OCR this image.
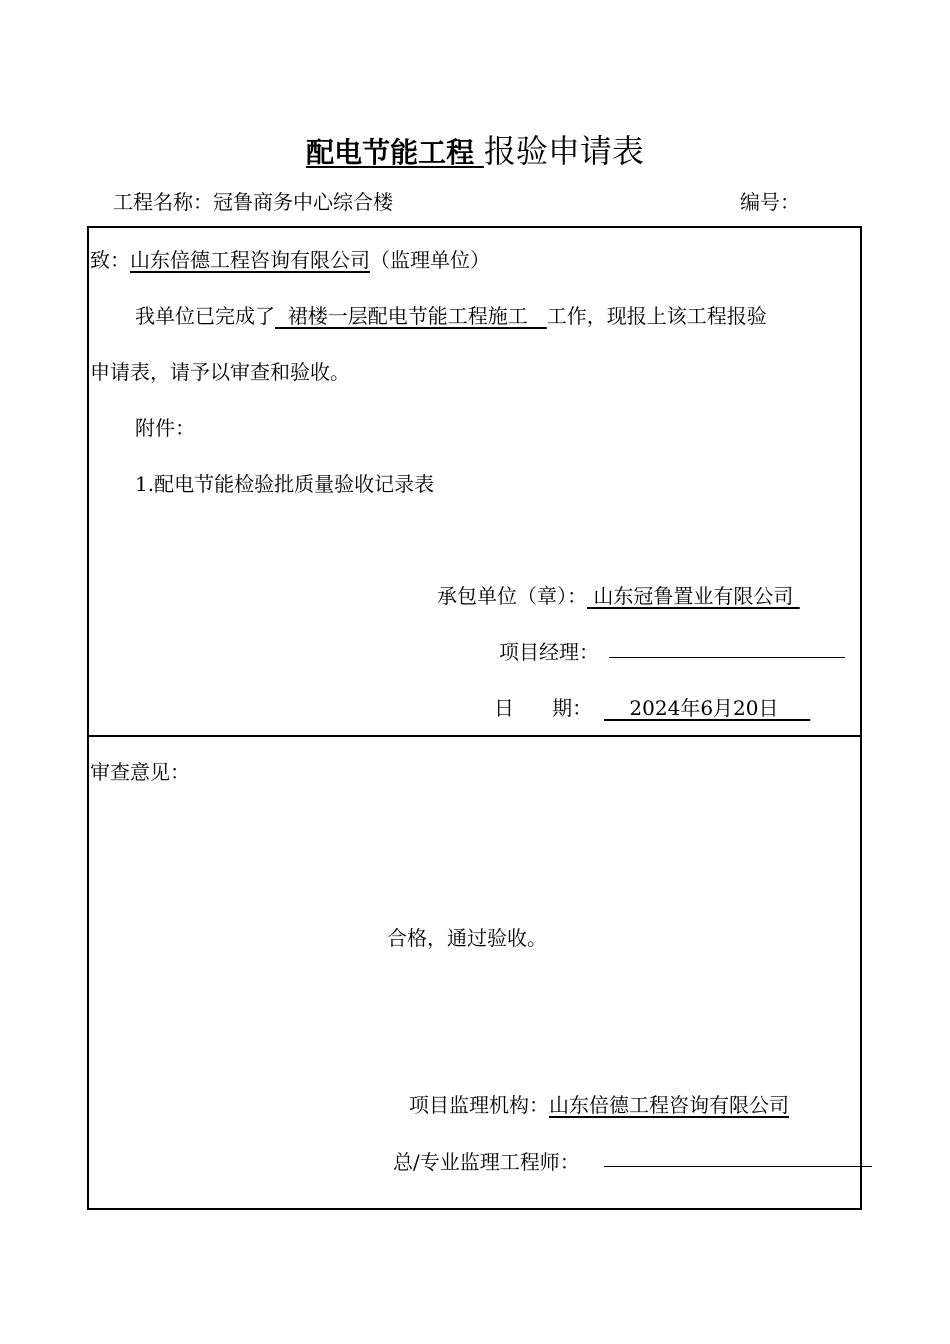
配电节能工程 报验申请表
工程名称：冠鲁商务中心综合楼	编号：
致：山东倍德工程咨询有限公司（监理单位）
我单位已完成了  裙楼一层配电节能工程施工   工作，现报上该工程报验
申请表，请予以审查和验收。
附件：
1.配电节能检验批质量验收记录表
承包单位（章）： 山东冠鲁置业有限公司
项目经理：
日      期： 2024年6月20日
审查意见：
合格，通过验收。
项目监理机构：山东倍德工程咨询有限公司
总/专业监理工程师：
